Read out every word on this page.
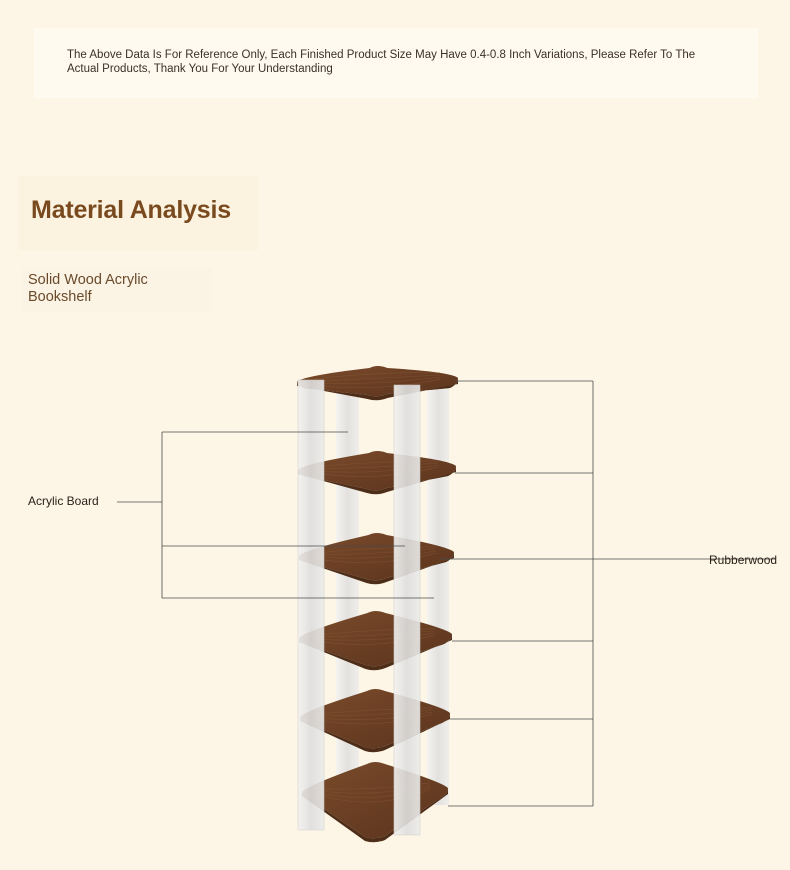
The Above Data Is For Reference Only, Each Finished Product Size May Have 0.4-0.8 Inch Variations, Please Refer To The Actual Products, Thank You For Your Understanding
Material Analysis
Solid Wood Acrylic Bookshelf
Acrylic Board
Rubberwood
